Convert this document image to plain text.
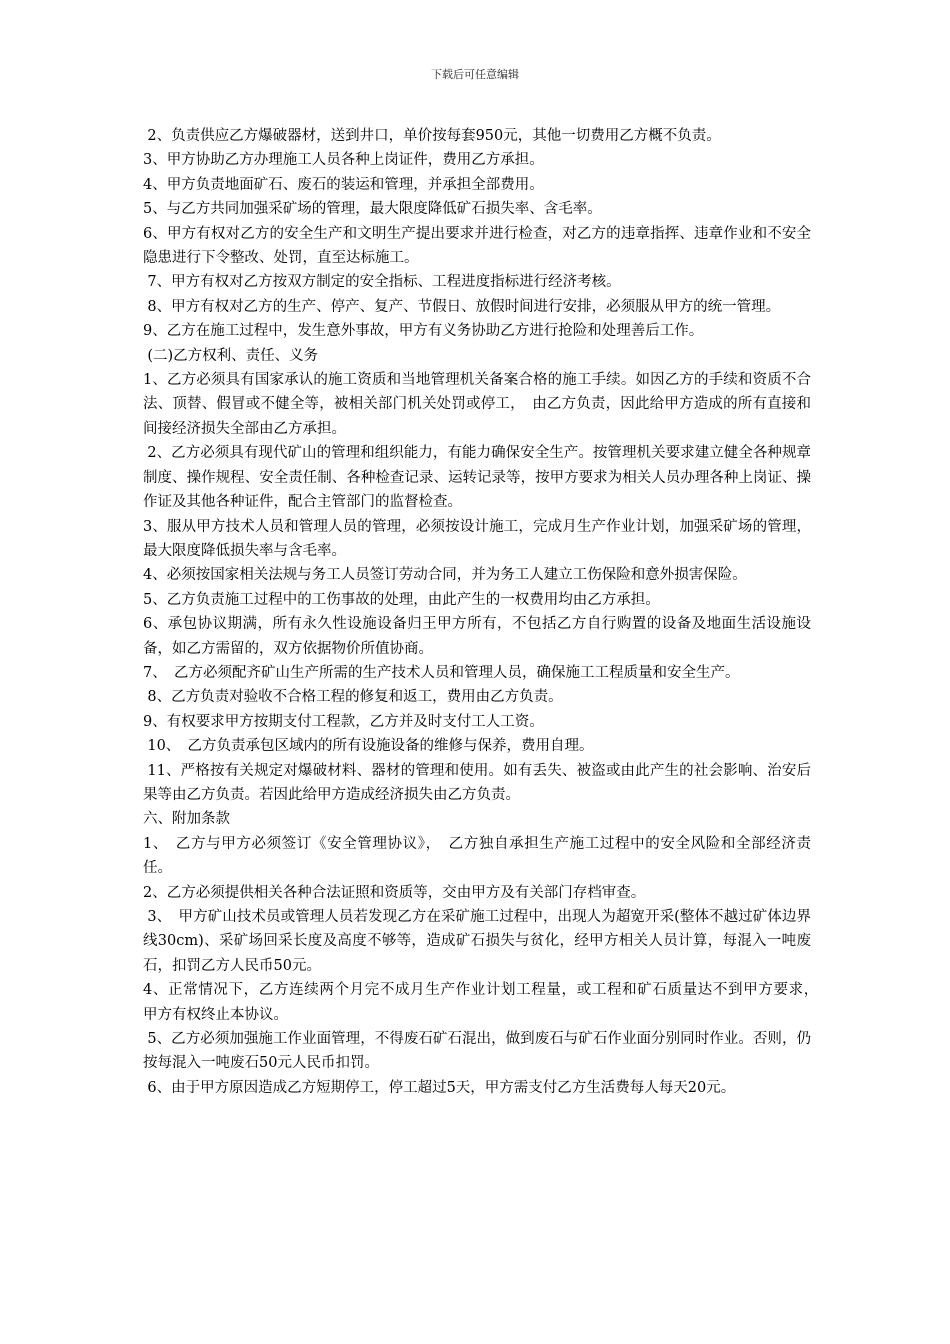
下载后可任意编辑

2、负责供应乙方爆破器材，送到井口，单价按每套950元，其他一切费用乙方概不负责。

3、甲方协助乙方办理施工人员各种上岗证件，费用乙方承担。

4、甲方负责地面矿石、废石的装运和管理，并承担全部费用。

5、与乙方共同加强采矿场的管理，最大限度降低矿石损失率、含毛率。

6、甲方有权对乙方的安全生产和文明生产提出要求并进行检查，对乙方的违章指挥、违章作业和不安全隐患进行下令整改、处罚，直至达标施工。

7、甲方有权对乙方按双方制定的安全指标、工程进度指标进行经济考核。

8、甲方有权对乙方的生产、停产、复产、节假日、放假时间进行安排，必须服从甲方的统一管理。

9、乙方在施工过程中，发生意外事故，甲方有义务协助乙方进行抢险和处理善后工作。

(二)乙方权利、责任、义务

1、乙方必须具有国家承认的施工资质和当地管理机关备案合格的施工手续。如因乙方的手续和资质不合法、顶替、假冒或不健全等，被相关部门机关处罚或停工，　由乙方负责，因此给甲方造成的所有直接和间接经济损失全部由乙方承担。

2、乙方必须具有现代矿山的管理和组织能力，有能力确保安全生产。按管理机关要求建立健全各种规章制度、操作规程、安全责任制、各种检查记录、运转记录等，按甲方要求为相关人员办理各种上岗证、操作证及其他各种证件，配合主管部门的监督检查。

3、服从甲方技术人员和管理人员的管理，必须按设计施工，完成月生产作业计划，加强采矿场的管理，最大限度降低损失率与含毛率。

4、必须按国家相关法规与务工人员签订劳动合同，并为务工人建立工伤保险和意外损害保险。

5、乙方负责施工过程中的工伤事故的处理，由此产生的一权费用均由乙方承担。

6、承包协议期满，所有永久性设施设备归王甲方所有，不包括乙方自行购置的设备及地面生活设施设备，如乙方需留的，双方依据物价所值协商。

7、　乙方必须配齐矿山生产所需的生产技术人员和管理人员，确保施工工程质量和安全生产。

8、乙方负责对验收不合格工程的修复和返工，费用由乙方负责。

9、有权要求甲方按期支付工程款，乙方并及时支付工人工资。

10、　乙方负责承包区域内的所有设施设备的维修与保养，费用自理。

11、严格按有关规定对爆破材料、器材的管理和使用。如有丢失、被盗或由此产生的社会影响、治安后果等由乙方负责。若因此给甲方造成经济损失由乙方负责。

六、附加条款

1、　乙方与甲方必须签订《安全管理协议》，　乙方独自承担生产施工过程中的安全风险和全部经济责任。

2、乙方必须提供相关各种合法证照和资质等，交由甲方及有关部门存档审查。

3、　甲方矿山技术员或管理人员若发现乙方在采矿施工过程中，出现人为超宽开采(整体不越过矿体边界线30cm)、采矿场回采长度及高度不够等，造成矿石损失与贫化，经甲方相关人员计算，每混入一吨废石，扣罚乙方人民币50元。

4、正常情况下，乙方连续两个月完不成月生产作业计划工程量，或工程和矿石质量达不到甲方要求，　甲方有权终止本协议。

5、乙方必须加强施工作业面管理，不得废石矿石混出，做到废石与矿石作业面分别同时作业。否则，仍按每混入一吨废石50元人民币扣罚。

6、由于甲方原因造成乙方短期停工，停工超过5天，甲方需支付乙方生活费每人每天20元。
